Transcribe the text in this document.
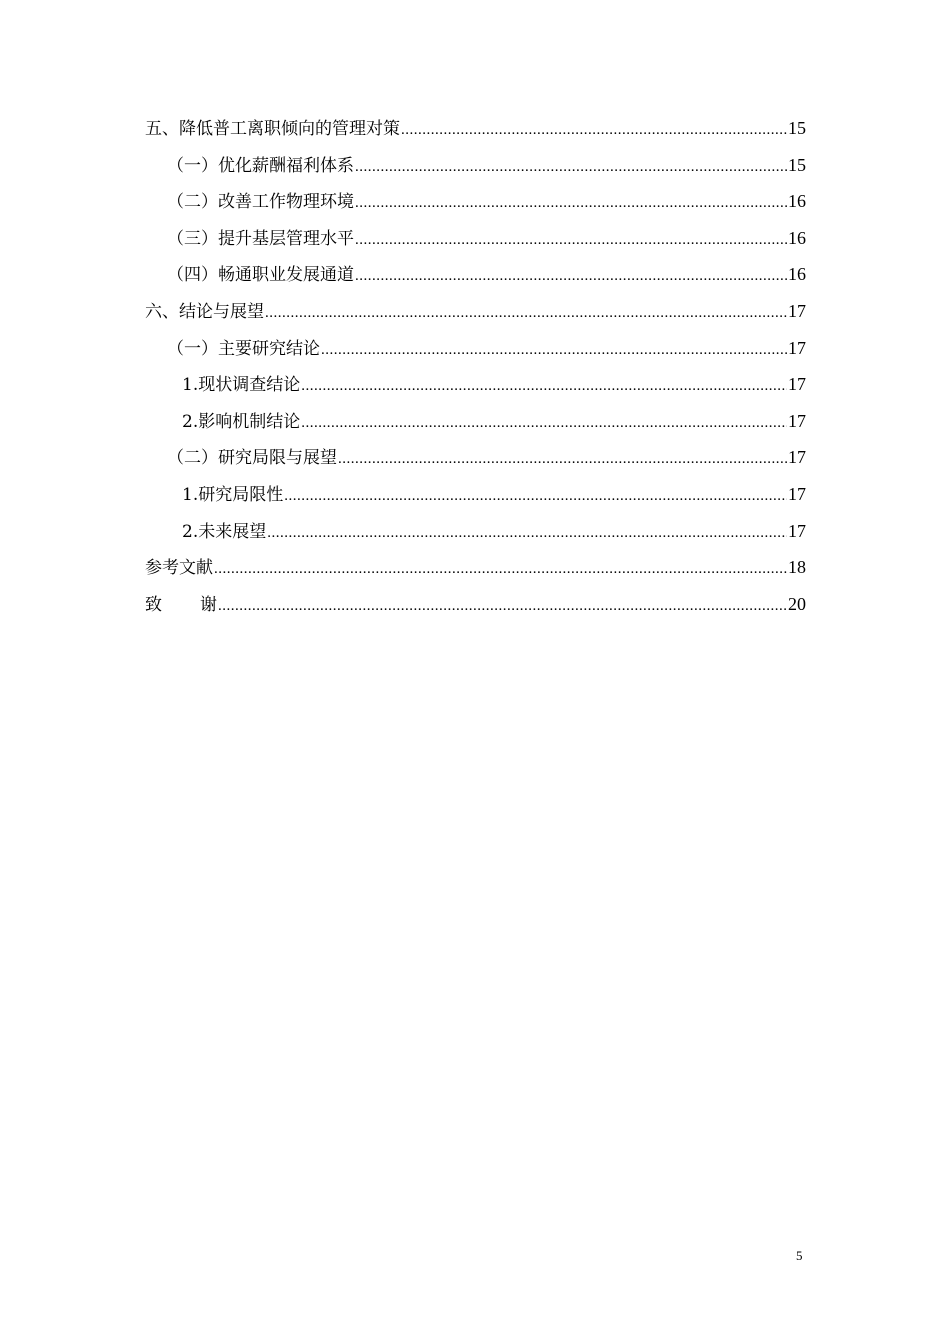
五、降低普工离职倾向的管理对策 .....	15
（一）优化薪酬福利体系 .....	15
（二）改善工作物理环境 .....	16
（三）提升基层管理水平 .....	16
（四）畅通职业发展通道 .....	16
六、结论与展望 .....	17
（一）主要研究结论 .....	17
1.现状调查结论 .....	17
2.影响机制结论 .....	17
（二）研究局限与展望 .....	17
1.研究局限性 .....	17
2.未来展望 .....	17
参考文献 .....	18
致 谢 .....	20
5
